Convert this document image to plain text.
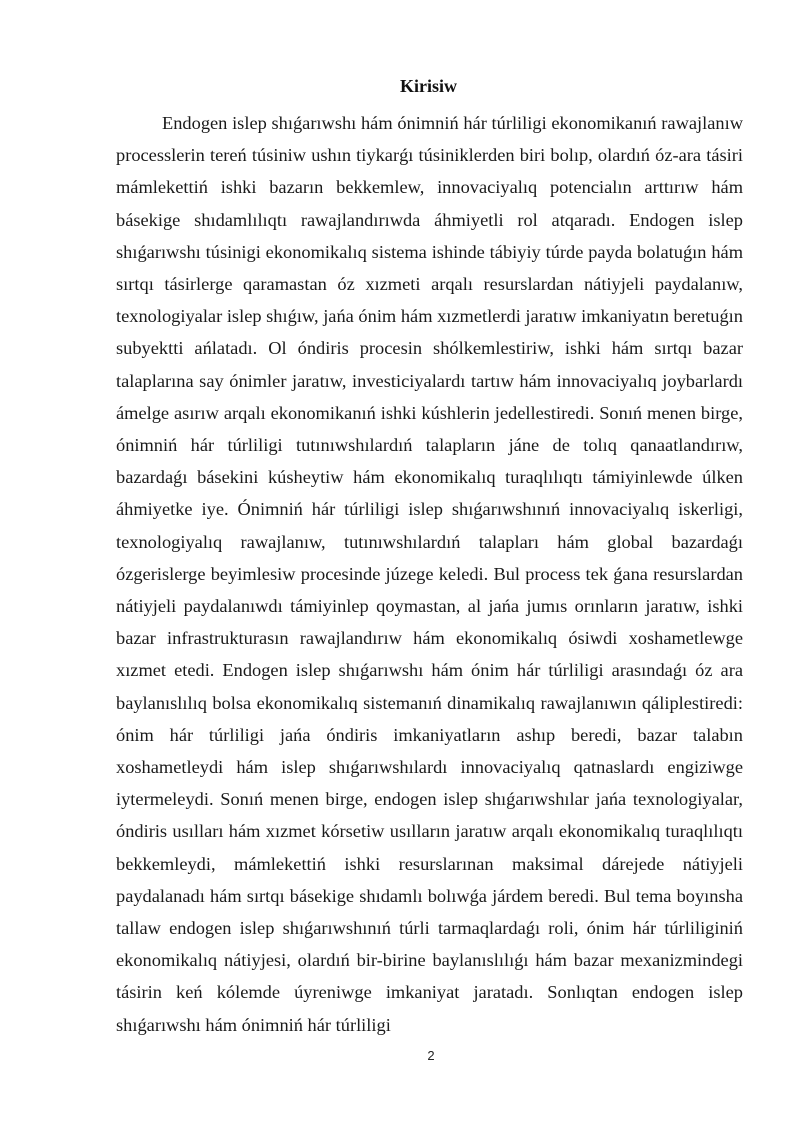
Kirisiw

Endogen islep shıǵarıwshı hám ónimniń hár túrliligi ekonomikanıń rawajlanıw processlerin tereń túsiniw ushın tiykarǵı túsiniklerden biri bolıp, olardıń óz-ara tásiri mámlekettiń ishki bazarın bekkemlew, innovaciyalıq potencialın arttırıw hám básekige shıdamlılıqtı rawajlandırıwda áhmiyetli rol atqaradı. Endogen islep shıǵarıwshı túsinigi ekonomikalıq sistema ishinde tábiyiy túrde payda bolatuǵın hám sırtqı tásirlerge qaramastan óz xızmeti arqalı resurslardan nátiyjeli paydalanıw, texnologiyalar islep shıǵıw, jańa ónim hám xızmetlerdi jaratıw imkaniyatın beretuǵın subyektti ańlatadı. Ol óndiris procesin shólkemlestiriw, ishki hám sırtqı bazar talaplarına say ónimler jaratıw, investiciyalardı tartıw hám innovaciyalıq joybarlardı ámelge asırıw arqalı ekonomikanıń ishki kúshlerin jedellestiredi. Sonıń menen birge, ónimniń hár túrliligi tutınıwshılardıń talapların jáne de tolıq qanaatlandırıw, bazardaǵı básekini kúsheytiw hám ekonomikalıq turaqlılıqtı támiyinlewde úlken áhmiyetke iye. Ónimniń hár túrliligi islep shıǵarıwshınıń innovaciyalıq iskerligi, texnologiyalıq rawajlanıw, tutınıwshılardıń talapları hám global bazardaǵı ózgerislerge beyimlesiw procesinde júzege keledi. Bul process tek ǵana resurslardan nátiyjeli paydalanıwdı támiyinlep qoymastan, al jańa jumıs orınların jaratıw, ishki bazar infrastrukturasın rawajlandırıw hám ekonomikalıq ósiwdi xoshametlewge xızmet etedi. Endogen islep shıǵarıwshı hám ónim hár túrliligi arasındaǵı óz ara baylanıslılıq bolsa ekonomikalıq sistemanıń dinamikalıq rawajlanıwın qáliplestiredi: ónim hár túrliligi jańa óndiris imkaniyatların ashıp beredi, bazar talabın xoshametleydi hám islep shıǵarıwshılardı innovaciyalıq qatnaslardı engiziwge iytermeleydi. Sonıń menen birge, endogen islep shıǵarıwshılar jańa texnologiyalar, óndiris usılları hám xızmet kórsetiw usılların jaratıw arqalı ekonomikalıq turaqlılıqtı bekkemleydi, mámlekettiń ishki resurslarınan maksimal dárejede nátiyjeli paydalanadı hám sırtqı básekige shıdamlı bolıwǵa járdem beredi. Bul tema boyınsha tallaw endogen islep shıǵarıwshınıń túrli tarmaqlardaǵı roli, ónim hár túrliliginiń ekonomikalıq nátiyjesi, olardıń bir-birine baylanıslılıǵı hám bazar mexanizmindegi tásirin keń kólemde úyreniwge imkaniyat jaratadı. Sonlıqtan endogen islep shıǵarıwshı hám ónimniń hár túrliligi

2
